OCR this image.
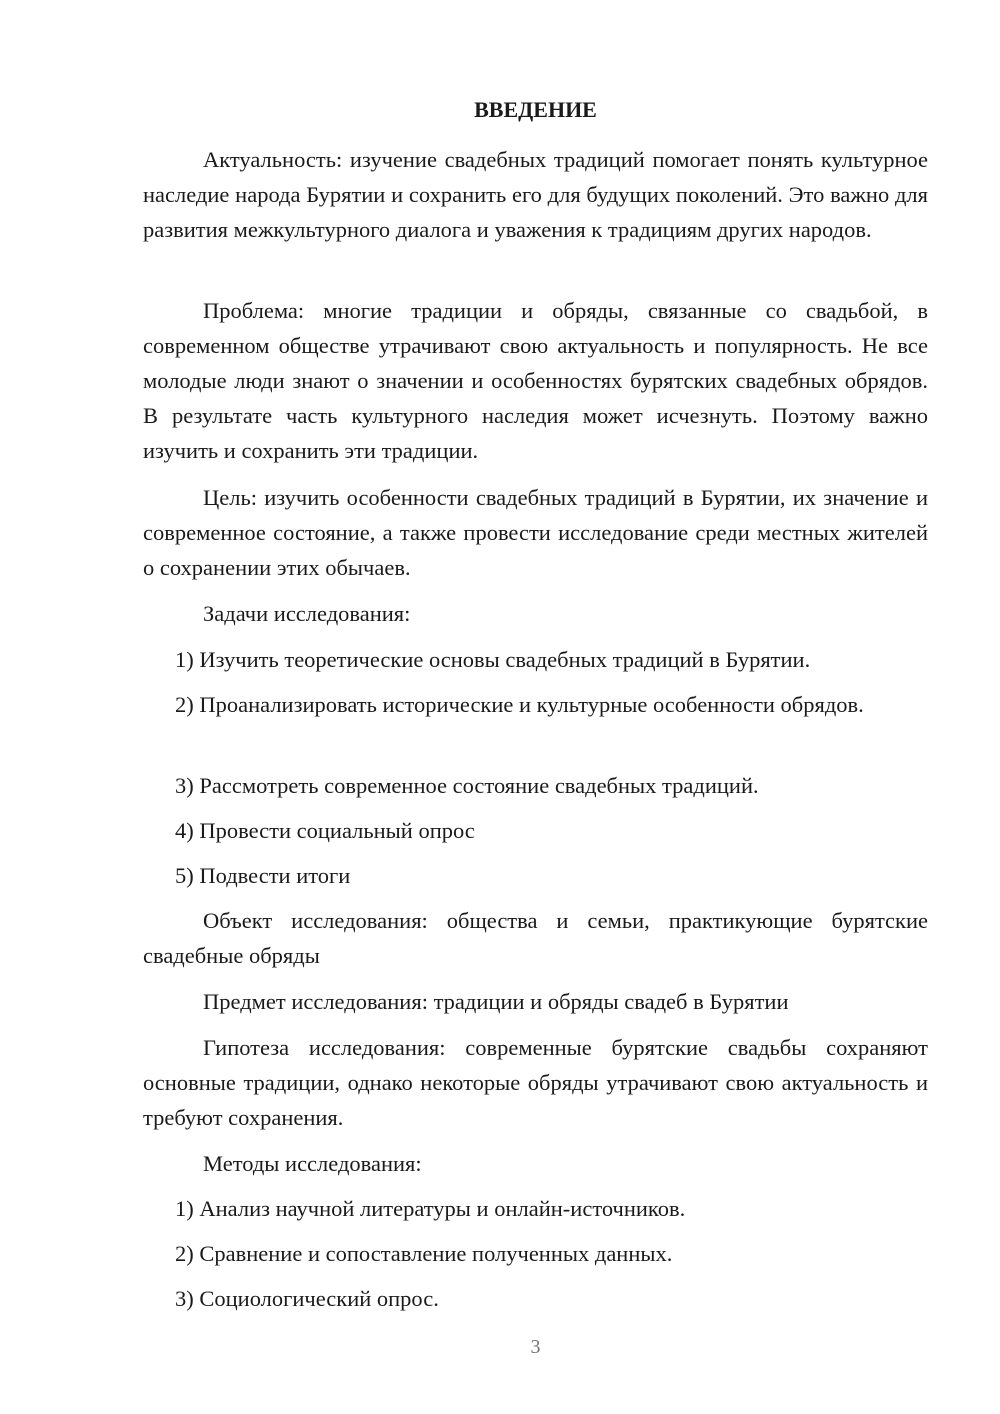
ВВЕДЕНИЕ

Актуальность: изучение свадебных традиций помогает понять культурное наследие народа Бурятии и сохранить его для будущих поколений. Это важно для развития межкультурного диалога и уважения к традициям других народов.

Проблема: многие традиции и обряды, связанные со свадьбой, в современном обществе утрачивают свою актуальность и популярность. Не все молодые люди знают о значении и особенностях бурятских свадебных обрядов. В результате часть культурного наследия может исчезнуть. Поэтому важно изучить и сохранить эти традиции.

Цель: изучить особенности свадебных традиций в Бурятии, их значение и современное состояние, а также провести исследование среди местных жителей о сохранении этих обычаев.

Задачи исследования:

1) Изучить теоретические основы свадебных традиций в Бурятии.

2) Проанализировать исторические и культурные особенности обрядов.

3) Рассмотреть современное состояние свадебных традиций.

4) Провести социальный опрос

5) Подвести итоги

Объект исследования: общества и семьи, практикующие бурятские свадебные обряды

Предмет исследования: традиции и обряды свадеб в Бурятии

Гипотеза исследования: современные бурятские свадьбы сохраняют основные традиции, однако некоторые обряды утрачивают свою актуальность и требуют сохранения.

Методы исследования:

1) Анализ научной литературы и онлайн-источников.

2) Сравнение и сопоставление полученных данных.

3) Социологический опрос.

3
